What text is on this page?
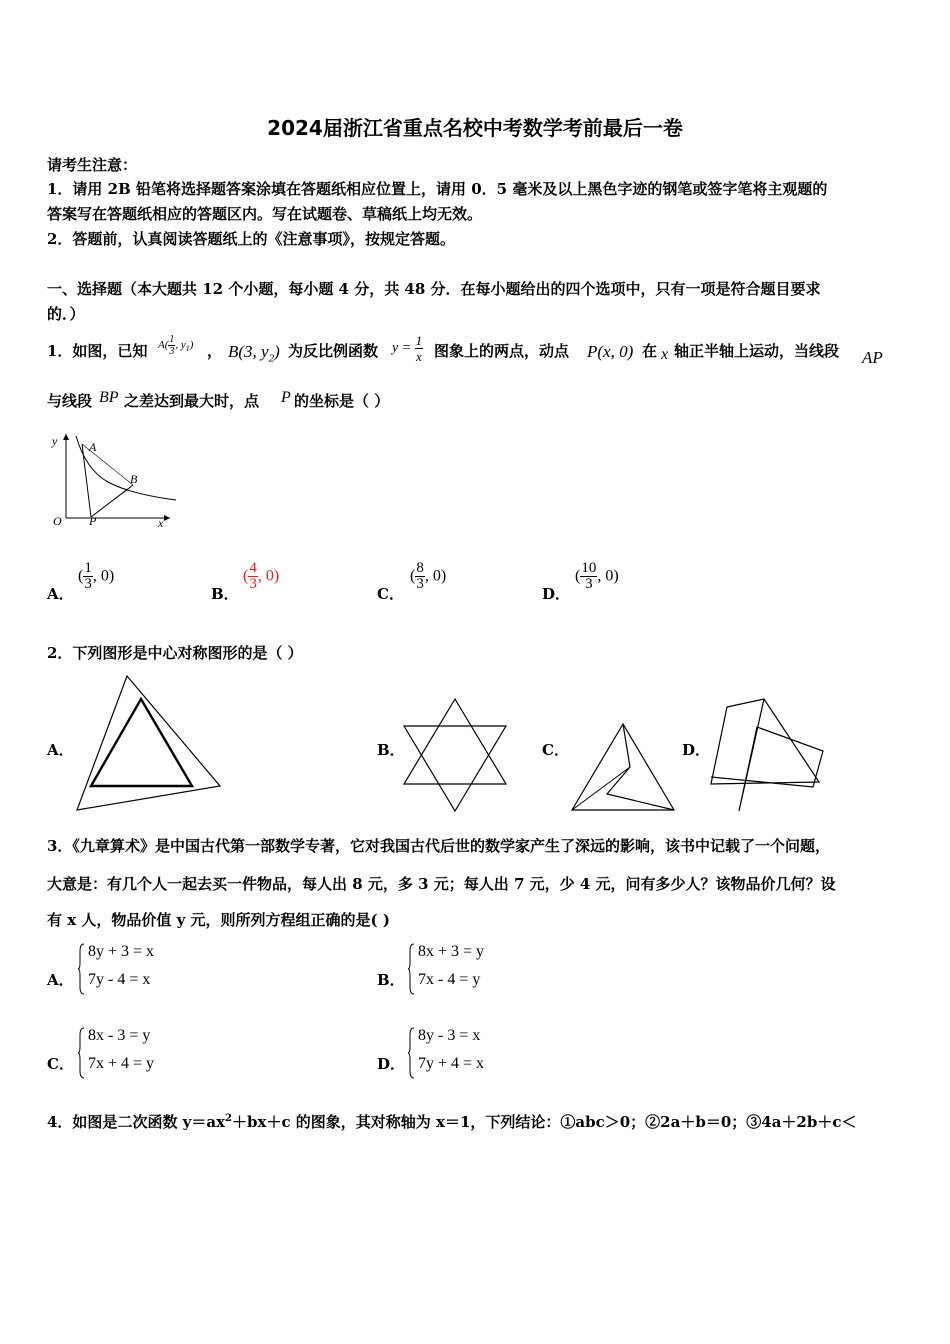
2024届浙江省重点名校中考数学考前最后一卷
请考生注意：
1．请用 2B 铅笔将选择题答案涂填在答题纸相应位置上，请用 0．5 毫米及以上黑色字迹的钢笔或签字笔将主观题的
答案写在答题纸相应的答题区内。写在试题卷、草稿纸上均无效。
2．答题前，认真阅读答题纸上的《注意事项》，按规定答题。
一、选择题（本大题共 12 个小题，每小题 4 分，共 48 分．在每小题给出的四个选项中，只有一项是符合题目要求
的．）
1．如图，已知 $A( \frac{1}{3}$ , $y_1$) ， B(3, $y_2$) 为反比例函数 $y = \frac{1}{x}$ 图象上的两点，动点 P(x, 0) 在 x 轴正半轴上运动，当线段 AP
与线段 BP 之差达到最大时，点 P 的坐标是（ ）
y	A
B
O P	x
A．
( $\frac{1}{3}$ , 0)
B．
( $\frac{4}{3}$ , 0)
C．
( $\frac{8}{3}$ , 0)
D．
( $\frac{10}{3}$ , 0)
2．下列图形是中心对称图形的是（ ）
A．	B．	C．	D．
3．《九章算术》是中国古代第一部数学专著，它对我国古代后世的数学家产生了深远的影响，该书中记载了一个问题，
大意是：有几个人一起去买一件物品，每人出 8 元，多 3 元；每人出 7 元，少 4 元，问有多少人？该物品价几何？设
有 x 人，物品价值 y 元，则所列方程组正确的是( )
A．
8y + 3 = x
7y - 4 = x	B．
8x + 3 = y
7x - 4 = y
C．
8x - 3 = y
7x + 4 = y	D．
8y - 3 = x
7y + 4 = x
4．如图是二次函数 $y=ax^2+bx+c$ 的图象，其对称轴为 x＝1，下列结论：①abc＞0；②2a＋b＝0；③4a＋2b＋c＜
